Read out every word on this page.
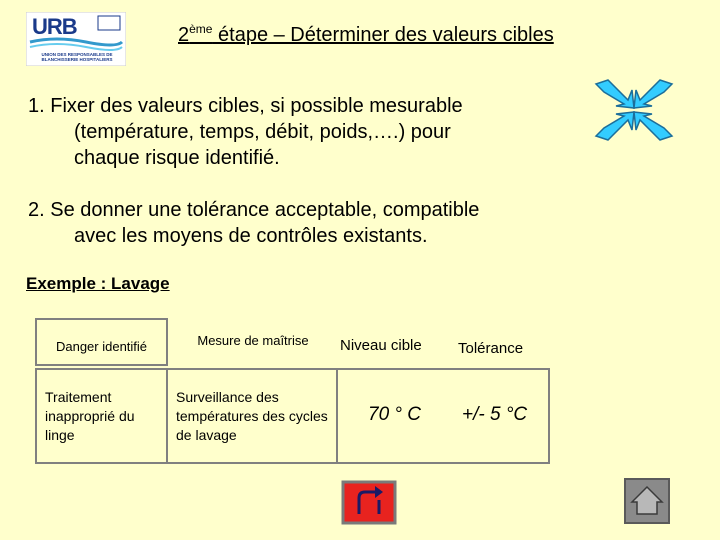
URB
UNION DES RESPONSABLES DE BLANCHISSERIE HOSPITALIERS
2ème étape – Déterminer des valeurs cibles
1. Fixer des valeurs cibles, si possible mesurable
(température, temps, débit, poids,….) pour
chaque risque identifié.
2. Se donner une tolérance acceptable, compatible
avec les moyens de contrôles existants.
Exemple : Lavage
Danger identifié	Mesure de maîtrise	Niveau cible Tolérance
Traitement inapproprié du linge
Surveillance des températures des cycles de lavage
70 ° C +/- 5 °C
